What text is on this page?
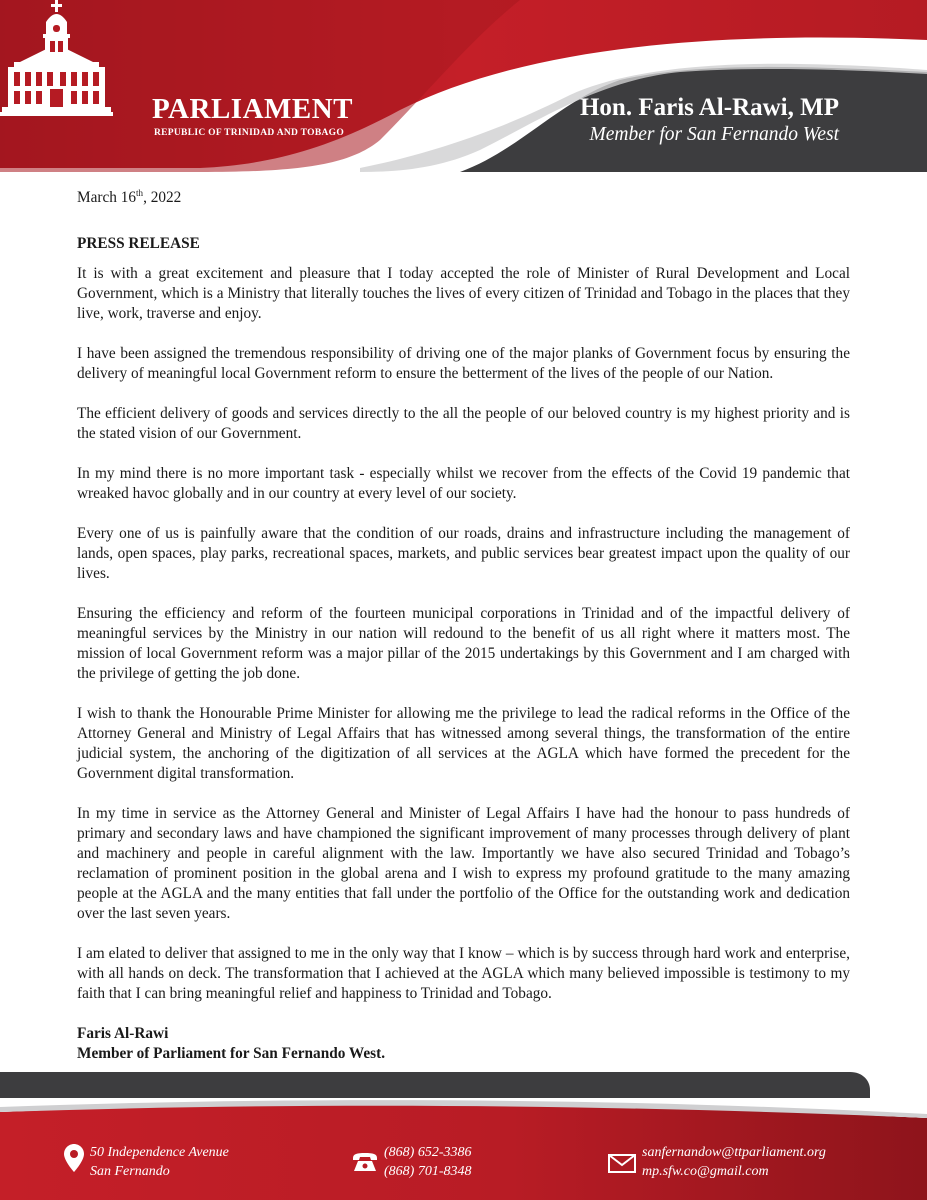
PARLIAMENT
REPUBLIC OF TRINIDAD AND TOBAGO
Hon. Faris Al-Rawi, MP
Member for San Fernando West
March 16th, 2022
PRESS RELEASE
It is with a great excitement and pleasure that I today accepted the role of Minister of Rural Development and Local Government, which is a Ministry that literally touches the lives of every citizen of Trinidad and Tobago in the places that they live, work, traverse and enjoy.
I have been assigned the tremendous responsibility of driving one of the major planks of Government focus by ensuring the delivery of meaningful local Government reform to ensure the betterment of the lives of the people of our Nation.
The efficient delivery of goods and services directly to the all the people of our beloved country is my highest priority and is the stated vision of our Government.
In my mind there is no more important task - especially whilst we recover from the effects of the Covid 19 pandemic that wreaked havoc globally and in our country at every level of our society.
Every one of us is painfully aware that the condition of our roads, drains and infrastructure including the management of lands, open spaces, play parks, recreational spaces, markets, and public services bear greatest impact upon the quality of our lives.
Ensuring the efficiency and reform of the fourteen municipal corporations in Trinidad and of the impactful delivery of meaningful services by the Ministry in our nation will redound to the benefit of us all right where it matters most. The mission of local Government reform was a major pillar of the 2015 undertakings by this Government and I am charged with the privilege of getting the job done.
I wish to thank the Honourable Prime Minister for allowing me the privilege to lead the radical reforms in the Office of the Attorney General and Ministry of Legal Affairs that has witnessed among several things, the transformation of the entire judicial system, the anchoring of the digitization of all services at the AGLA which have formed the precedent for the Government digital transformation.
In my time in service as the Attorney General and Minister of Legal Affairs I have had the honour to pass hundreds of primary and secondary laws and have championed the significant improvement of many processes through delivery of plant and machinery and people in careful alignment with the law. Importantly we have also secured Trinidad and Tobago’s reclamation of prominent position in the global arena and I wish to express my profound gratitude to the many amazing people at the AGLA and the many entities that fall under the portfolio of the Office for the outstanding work and dedication over the last seven years.
I am elated to deliver that assigned to me in the only way that I know – which is by success through hard work and enterprise, with all hands on deck. The transformation that I achieved at the AGLA which many believed impossible is testimony to my faith that I can bring meaningful relief and happiness to Trinidad and Tobago.
Faris Al-Rawi
Member of Parliament for San Fernando West.
50 Independence Avenue
San Fernando
(868) 652-3386
(868) 701-8348
sanfernandow@ttparliament.org
mp.sfw.co@gmail.com
